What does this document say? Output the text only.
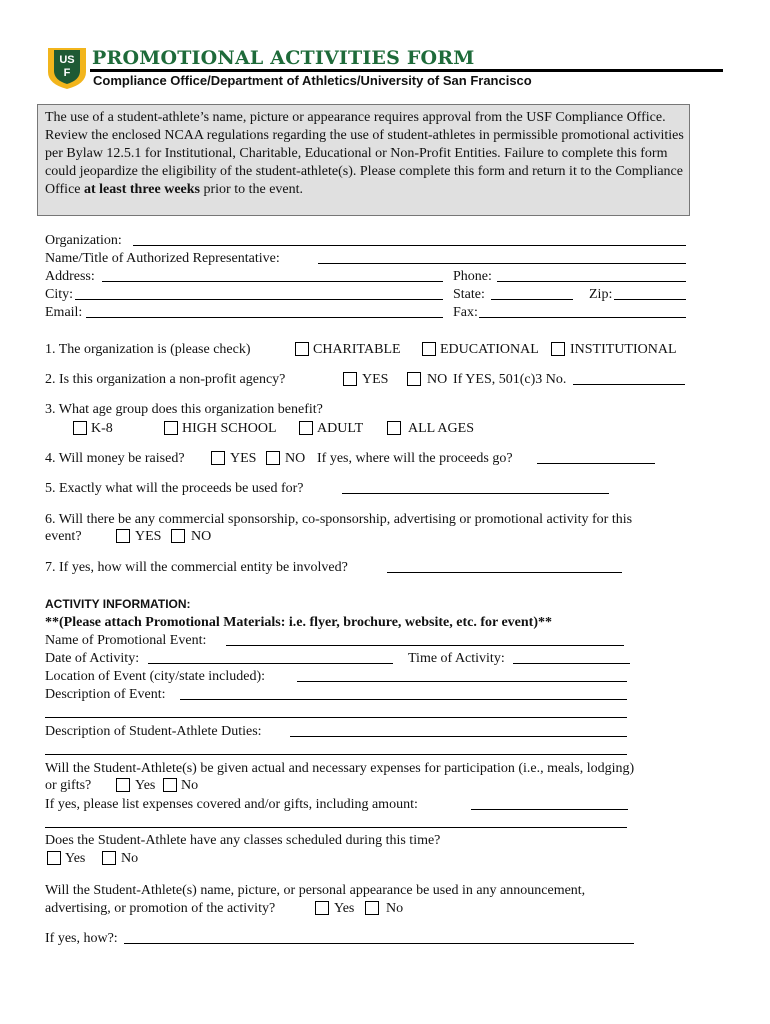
US
F
PROMOTIONAL ACTIVITIES FORM
Compliance Office/Department of Athletics/University of San Francisco
The use of a student-athlete’s name, picture or appearance requires approval from the USF Compliance Office. Review the enclosed NCAA regulations regarding the use of student-athletes in permissible promotional activities per Bylaw 12.5.1 for Institutional, Charitable, Educational or Non-Profit Entities. Failure to complete this form could jeopardize the eligibility of the student-athlete(s). Please complete this form and return it to the Compliance Office at least three weeks prior to the event.
Organization:
Name/Title of Authorized Representative:
Address:	Phone:
City:	State:	Zip:
Email:	Fax:
1. The organization is (please check)	CHARITABLE	EDUCATIONAL INSTITUTIONAL
2. Is this organization a non-profit agency?	YES	NO If YES, 501(c)3 No.
3. What age group does this organization benefit?
K-8	HIGH SCHOOL	ADULT	ALL AGES
4. Will money be raised?	YES NO If yes, where will the proceeds go?
5. Exactly what will the proceeds be used for?
6. Will there be any commercial sponsorship, co-sponsorship, advertising or promotional activity for this
event?	YES NO
7. If yes, how will the commercial entity be involved?
ACTIVITY INFORMATION:
**(Please attach Promotional Materials: i.e. flyer, brochure, website, etc. for event)**
Name of Promotional Event:
Date of Activity:	Time of Activity:
Location of Event (city/state included):
Description of Event:
Description of Student-Athlete Duties:
Will the Student-Athlete(s) be given actual and necessary expenses for participation (i.e., meals, lodging)
or gifts?	Yes No
If yes, please list expenses covered and/or gifts, including amount:
Does the Student-Athlete have any classes scheduled during this time?
Yes	No
Will the Student-Athlete(s) name, picture, or personal appearance be used in any announcement,
advertising, or promotion of the activity?	Yes No
If yes, how?:
